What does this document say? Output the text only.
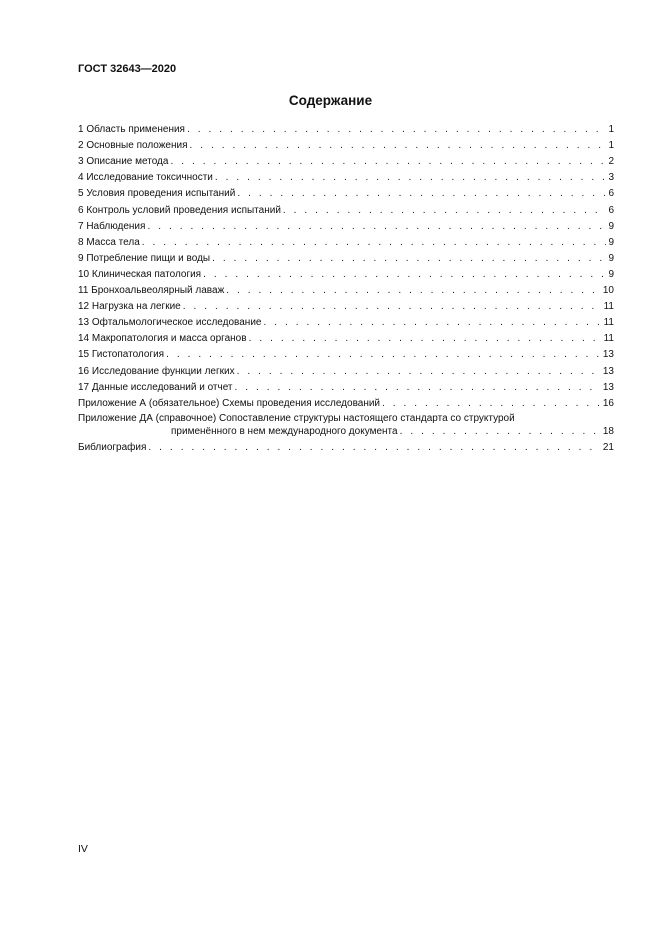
ГОСТ 32643—2020
Содержание
1 Область применения . . .	1
2 Основные положения . . .	1
3 Описание метода . . .	2
4 Исследование токсичности . . .	3
5 Условия проведения испытаний . . .	6
6 Контроль условий проведения испытаний . . .	6
7 Наблюдения . . .	9
8 Масса тела . . .	9
9 Потребление пищи и воды . . .	9
10 Клиническая патология . . .	9
11 Бронхоальвеолярный лаваж . . .	10
12 Нагрузка на легкие . . .	11
13 Офтальмологическое исследование . . .	11
14 Макропатология и масса органов . . .	11
15 Гистопатология . . .	13
16 Исследование функции легких . . .	13
17 Данные исследований и отчет . . .	13
Приложение А (обязательное) Схемы проведения исследований . . .	16
Приложение ДА (справочное) Сопоставление структуры настоящего стандарта со структурой
применённого в нем международного документа . . .	18
Библиография . . .	21
IV
